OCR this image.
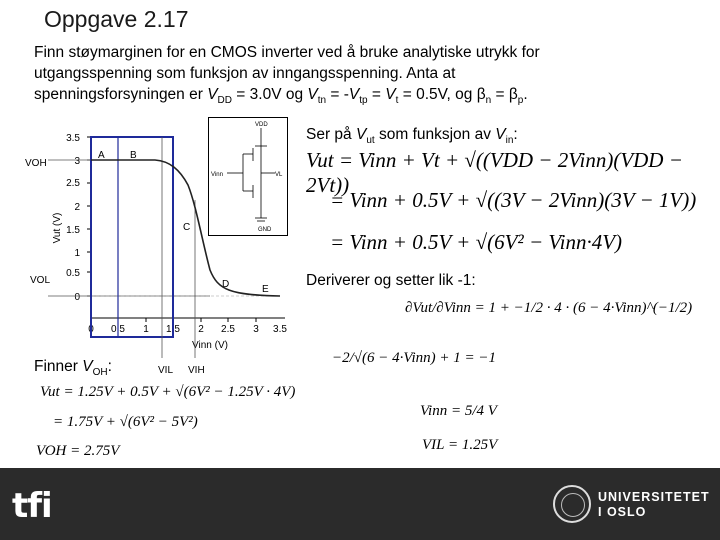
Oppgave 2.17
Finn støymarginen for en CMOS inverter ved å bruke analytiske utrykk for
utgangsspenning som funksjon av inngangsspenning. Anta at
spenningsforsyningen er $V_{DD} = 3.0V$ og $V_{tn} = -V_{tp} = V_t = 0.5V$, og $\beta_n = \beta_p$.
3.5
3
2.5
2
1.5
1
0.5
0
0 0.5 1 1.5 2 2.5 3 3.5
Vinn (V)
Vut (V)
VOH
VOL
A	B
C
D	E
VIL VIH
VDD
Vinn	VL
GND
Ser på $V_{ut}$ som funksjon av $V_{in}$:
Vut = Vinn + Vt + √((VDD − 2Vinn)(VDD − 2Vt))
= Vinn + 0.5V + √((3V − 2Vinn)(3V − 1V))
= Vinn + 0.5V + √(6V² − Vinn·4V)
Deriverer og setter lik -1:
∂Vut/∂Vinn = 1 + −1/2 · 4 · (6 − 4·Vinn)^(−1/2)
−2/√(6 − 4·Vinn) + 1 = −1
Vinn = 5/4 V
VIL = 1.25V
Finner $V_{OH}$:
Vut = 1.25V + 0.5V + √(6V² − 1.25V · 4V)
= 1.75V + √(6V² − 5V²)
VOH = 2.75V
tfi	UNIVERSITETET
I OSLO
